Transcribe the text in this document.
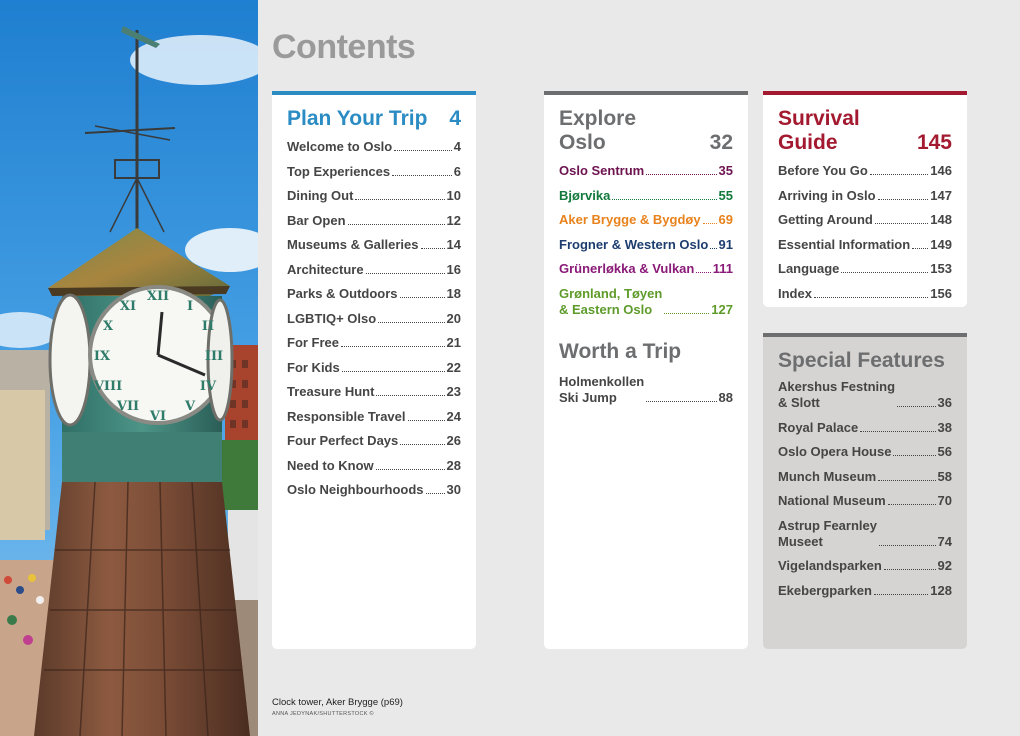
XII
I
II
III
IV
V
VI
VII
VIII
IX
X
XI
Contents
Plan Your Trip 4
Welcome to Oslo	4
Top Experiences	6
Dining Out	10
Bar Open	12
Museums & Galleries 14
Architecture	16
Parks & Outdoors	18
LGBTIQ+ Olso	20
For Free	21
For Kids	22
Treasure Hunt	23
Responsible Travel	24
Four Perfect Days	26
Need to Know	28
Oslo Neighbourhoods 30
Explore
Oslo	32
Oslo Sentrum	35
Bjørvika	55
Aker Brygge & Bygdøy 69
Frogner & Western Oslo 91
Grünerløkka & Vulkan 111
Grønland, Tøyen
& Eastern Oslo	127
Worth a Trip
Holmenkollen
Ski Jump	88
Survival
Guide	145
Before You Go	146
Arriving in Oslo	147
Getting Around	148
Essential Information 149
Language	153
Index	156
Special Features
Akershus Festning
& Slott	36
Royal Palace	38
Oslo Opera House	56
Munch Museum	58
National Museum	70
Astrup Fearnley
Museet	74
Vigelandsparken	92
Ekebergparken	128
Clock tower, Aker Brygge (p69)
ANNA JEDYNAK/SHUTTERSTOCK ©
